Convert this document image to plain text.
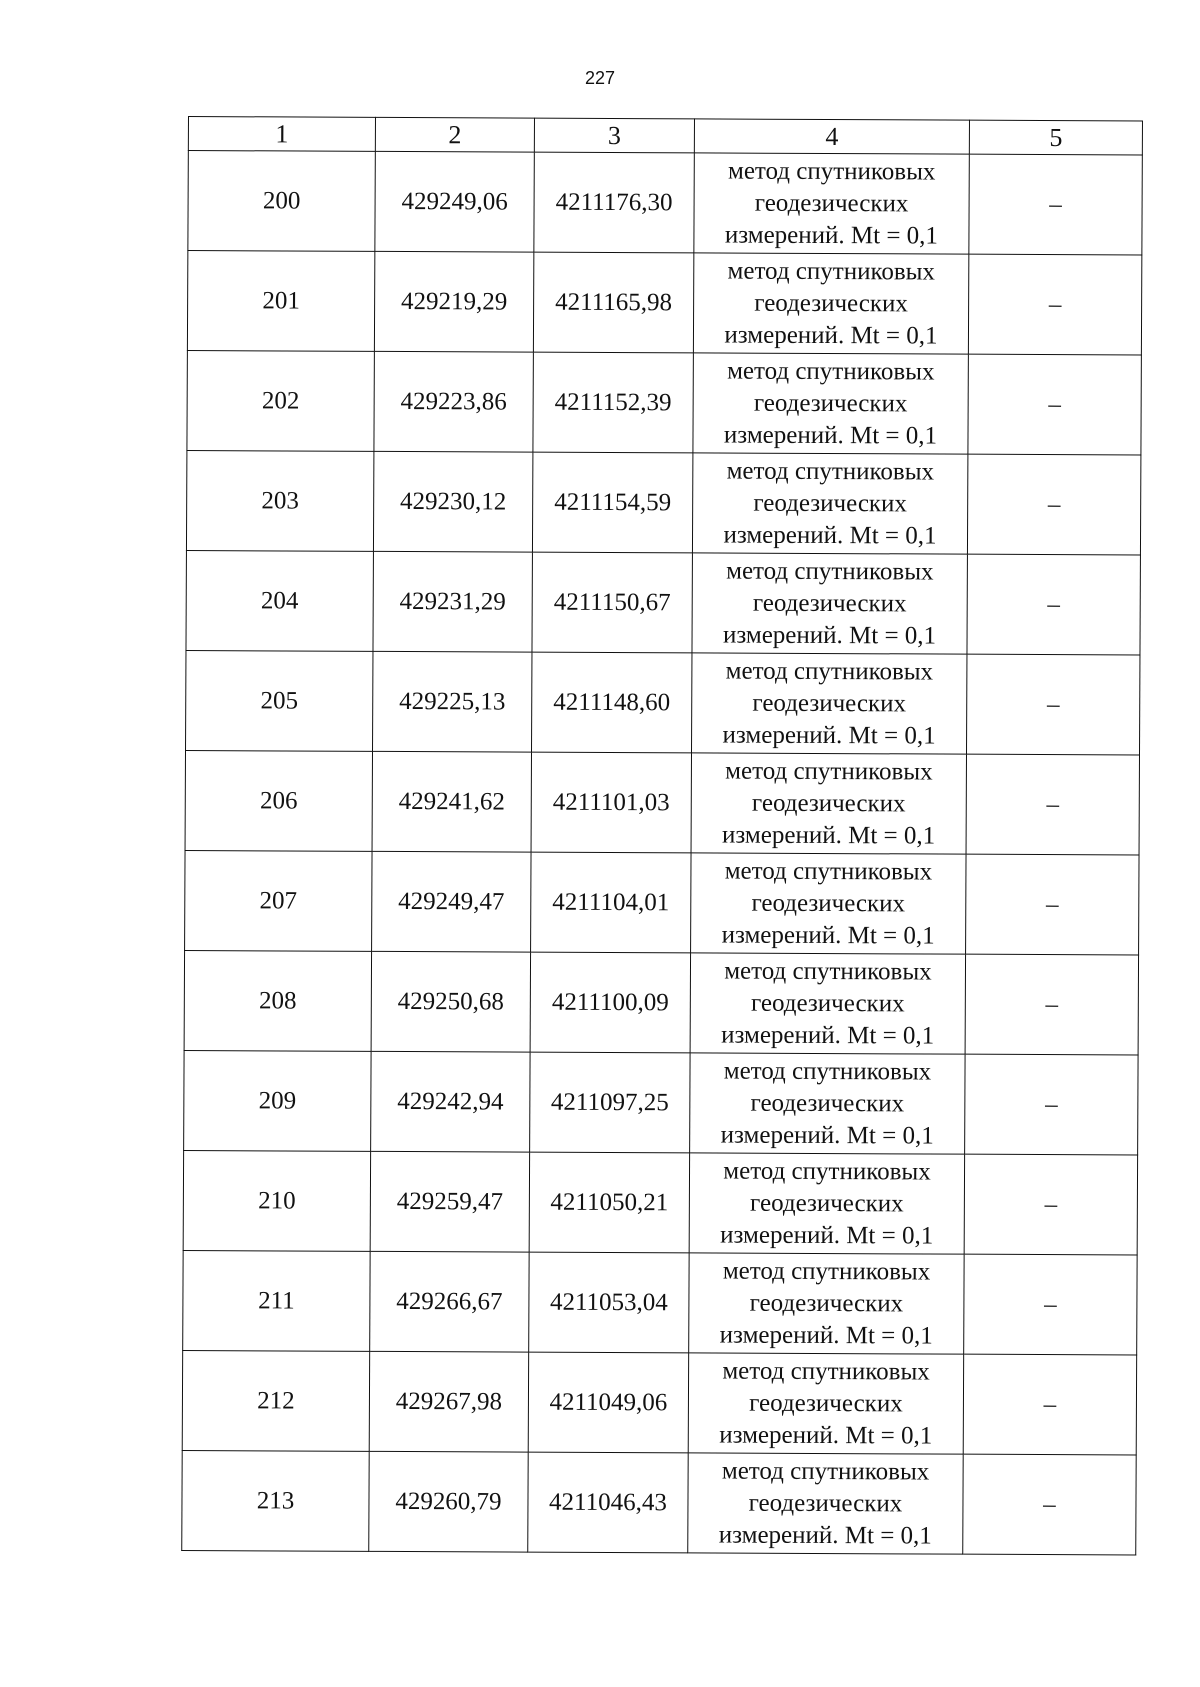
227
1	2	3	4	5
200	429249,06	4211176,30	метод спутниковых
геодезических
измерений. Mt = 0,1	–
201	429219,29	4211165,98	метод спутниковых
геодезических
измерений. Mt = 0,1	–
202	429223,86	4211152,39	метод спутниковых
геодезических
измерений. Mt = 0,1	–
203	429230,12	4211154,59	метод спутниковых
геодезических
измерений. Mt = 0,1	–
204	429231,29	4211150,67	метод спутниковых
геодезических
измерений. Mt = 0,1	–
205	429225,13	4211148,60	метод спутниковых
геодезических
измерений. Mt = 0,1	–
206	429241,62	4211101,03	метод спутниковых
геодезических
измерений. Mt = 0,1	–
207	429249,47	4211104,01	метод спутниковых
геодезических
измерений. Mt = 0,1	–
208	429250,68	4211100,09	метод спутниковых
геодезических
измерений. Mt = 0,1	–
209	429242,94	4211097,25	метод спутниковых
геодезических
измерений. Mt = 0,1	–
210	429259,47	4211050,21	метод спутниковых
геодезических
измерений. Mt = 0,1	–
211	429266,67	4211053,04	метод спутниковых
геодезических
измерений. Mt = 0,1	–
212	429267,98	4211049,06	метод спутниковых
геодезических
измерений. Mt = 0,1	–
213	429260,79	4211046,43	метод спутниковых
геодезических
измерений. Mt = 0,1	–
